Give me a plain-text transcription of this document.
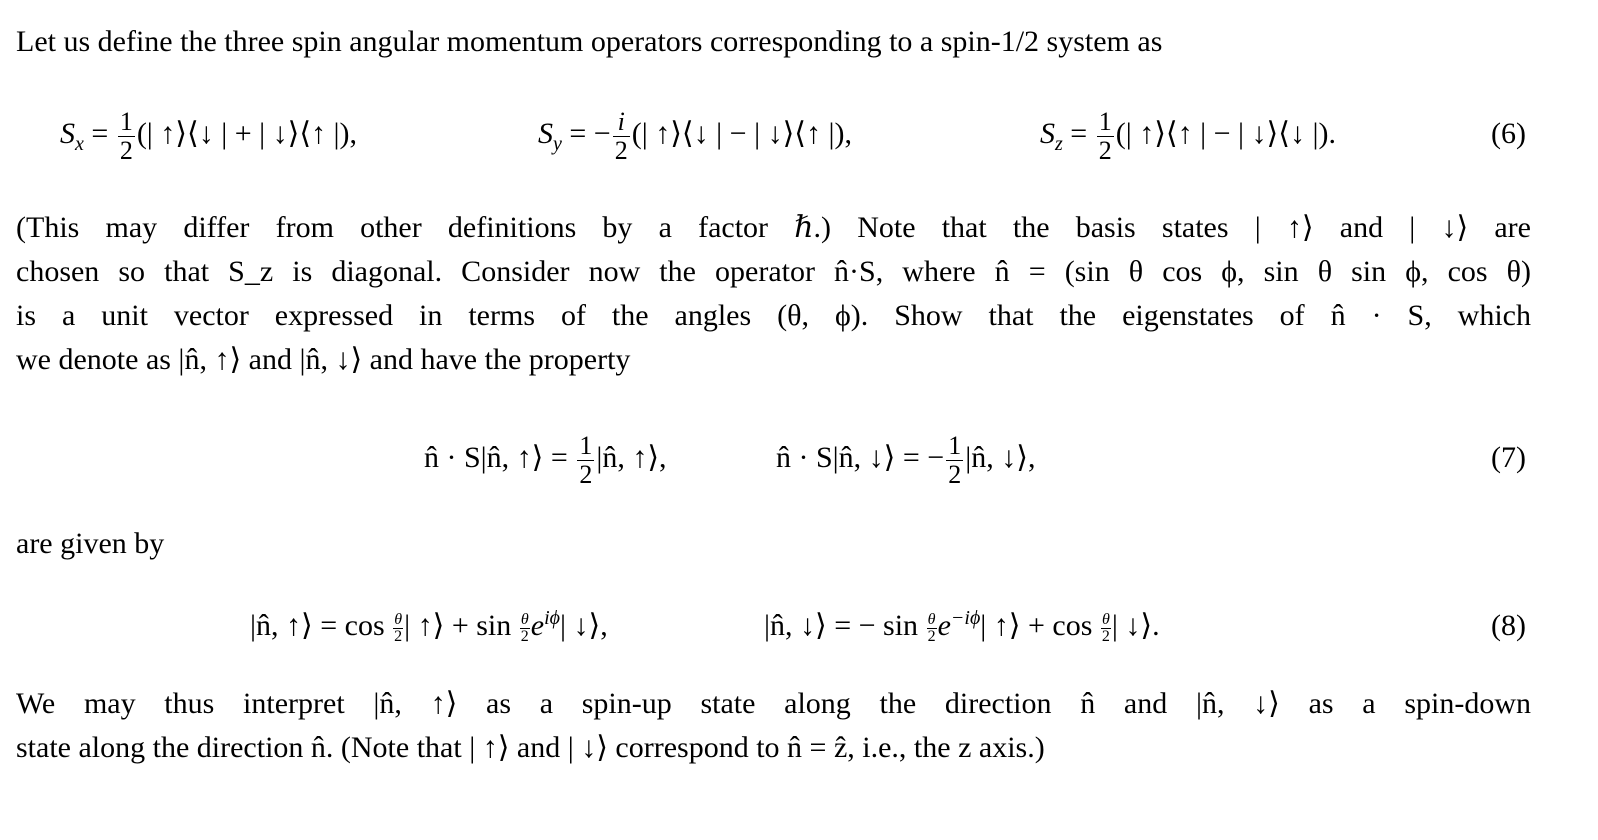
Let us define the three spin angular momentum operators corresponding to a spin-1/2 system as

$S_x = \frac{1}{2}$ (| ↑⟩⟨↓ | + | ↓⟩⟨↑ |),	$S_y$ = − $\frac{i}{2}$ (| ↑⟩⟨↓ | − | ↓⟩⟨↑ |),	$S_z = \frac{1}{2}$ (| ↑⟩⟨↑ | − | ↓⟩⟨↓ |).	(6)

(This may differ from other definitions by a factor ℏ.) Note that the basis states | ↑⟩ and | ↓⟩ are
chosen so that S_z is diagonal. Consider now the operator n̂·S, where n̂ = (sin θ cos ϕ, sin θ sin ϕ, cos θ)
is a unit vector expressed in terms of the angles (θ, ϕ). Show that the eigenstates of n̂ · S, which
we denote as |n̂, ↑⟩ and |n̂, ↓⟩ and have the property

n̂ · S|n̂, ↑⟩ = $\frac{1}{2}$ |n̂, ↑⟩,	n̂ · S|n̂, ↓⟩ = − $\frac{1}{2}$ |n̂, ↓⟩,	(7)

are given by

|n̂, ↑⟩ = $\cos \frac{\theta}{2}$ | ↑⟩ + $\sin \frac{\theta}{2} e^{i\phi}|$ ↓⟩,	|n̂, ↓⟩ = − $\sin \frac{\theta}{2} e^{-i\phi}|$ ↑⟩ + $\cos \frac{\theta}{2}$ | ↓⟩.	(8)

We may thus interpret |n̂, ↑⟩ as a spin-up state along the direction n̂ and |n̂, ↓⟩ as a spin-down
state along the direction n̂. (Note that | ↑⟩ and | ↓⟩ correspond to n̂ = ẑ, i.e., the z axis.)
